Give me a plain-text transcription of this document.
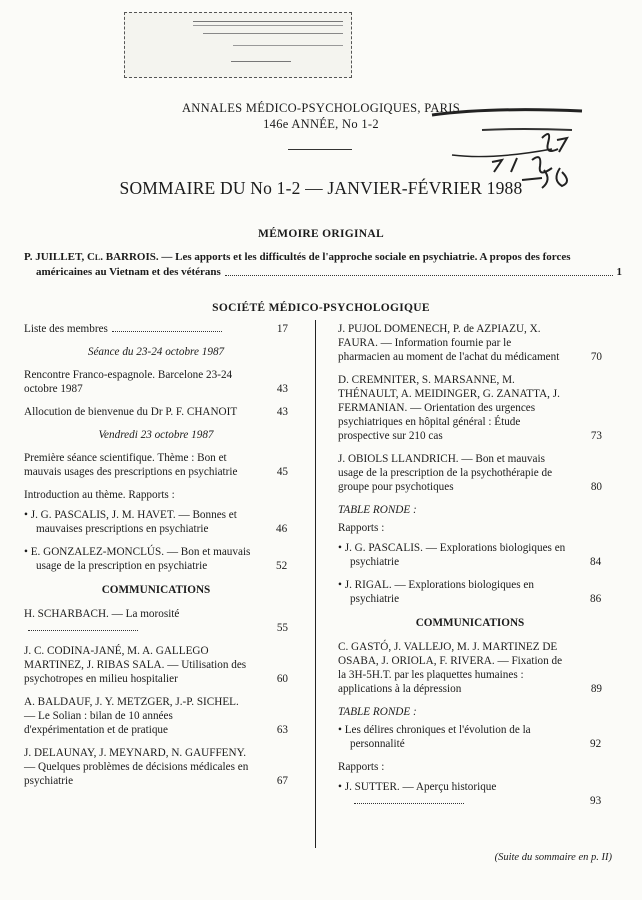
ANNALES MÉDICO-PSYCHOLOGIQUES, PARIS
146e ANNÉE, No 1-2
SOMMAIRE DU No 1-2 — JANVIER-FÉVRIER 1988
MÉMOIRE ORIGINAL
P. JUILLET, Cl. BARROIS. — Les apports et les difficultés de l'approche sociale en psychiatrie. A propos des forces
américaines au Vietnam et des vétérans	1
SOCIÉTÉ MÉDICO-PSYCHOLOGIQUE
Liste des membres	17
Séance du 23-24 octobre 1987
Rencontre Franco-espagnole. Barcelone 23-24 octobre 1987	43
Allocution de bienvenue du Dr P. F. CHANOIT	43
Vendredi 23 octobre 1987
Première séance scientifique. Thème : Bon et mauvais usages des prescriptions en psychiatrie	45
Introduction au thème. Rapports :
• J. G. PASCALIS, J. M. HAVET. — Bonnes et mauvaises prescriptions en psychiatrie	46
• E. GONZALEZ-MONCLÚS. — Bon et mauvais usage de la prescription en psychiatrie	52
COMMUNICATIONS
H. SCHARBACH. — La morosité
55
J. C. CODINA-JANÉ, M. A. GALLEGO MARTINEZ, J. RIBAS SALA. — Utilisation des psychotropes en milieu hospitalier	60
A. BALDAUF, J. Y. METZGER, J.-P. SICHEL. — Le Solian : bilan de 10 années d'expérimentation et de pratique	63
J. DELAUNAY, J. MEYNARD, N. GAUFFENY. — Quelques problèmes de décisions médicales en psychiatrie	67
J. PUJOL DOMENECH, P. de AZPIAZU, X. FAURA. — Information fournie par le pharmacien au moment de l'achat du médicament	70
D. CREMNITER, S. MARSANNE, M. THÉNAULT, A. MEIDINGER, G. ZANATTA, J. FERMANIAN. — Orientation des urgences psychiatriques en hôpital général : Étude prospective sur 210 cas	73
J. OBIOLS LLANDRICH. — Bon et mauvais usage de la prescription de la psychothérapie de groupe pour psychotiques	80
TABLE RONDE :
Rapports :
• J. G. PASCALIS. — Explorations biologiques en psychiatrie	84
• J. RIGAL. — Explorations biologiques en psychiatrie	86
COMMUNICATIONS
C. GASTÓ, J. VALLEJO, M. J. MARTINEZ DE OSABA, J. ORIOLA, F. RIVERA. — Fixation de la 3H-5H.T. par les plaquettes humaines : applications à la dépression	89
TABLE RONDE :
• Les délires chroniques et l'évolution de la personnalité	92
Rapports :
• J. SUTTER. — Aperçu historique
93
(Suite du sommaire en p. II)
